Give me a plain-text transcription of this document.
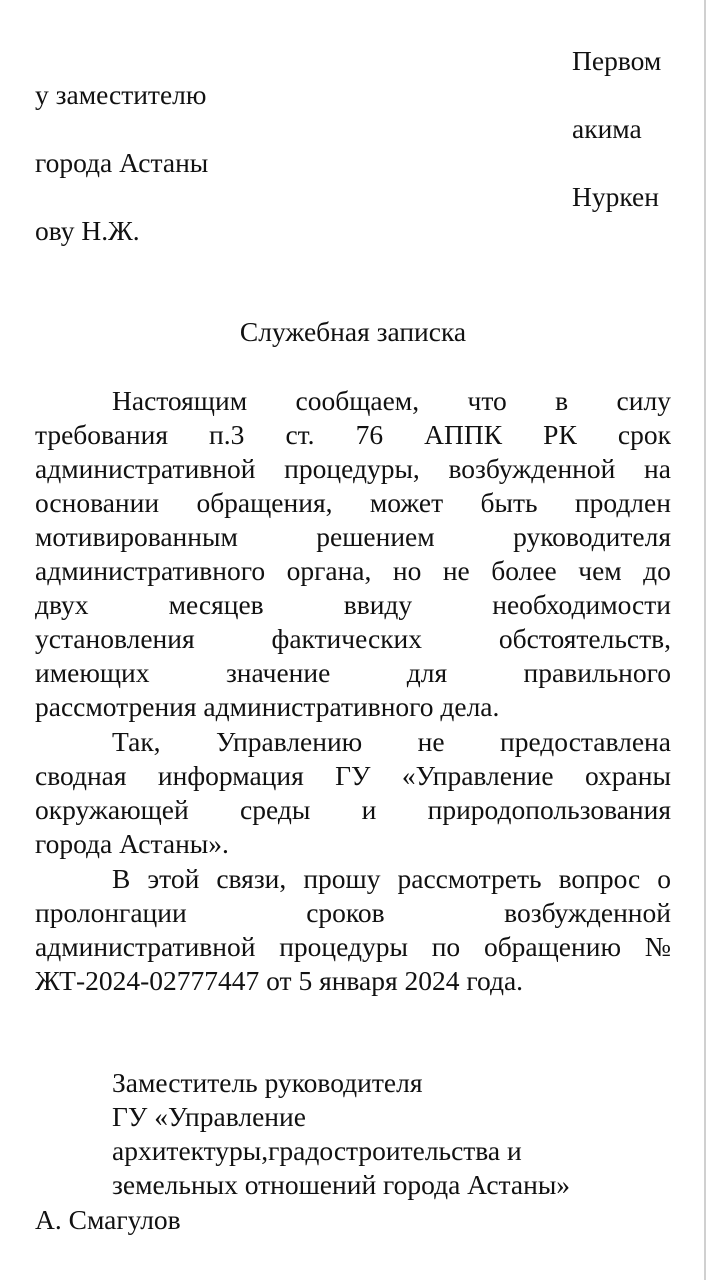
Первом
у заместителю
акима
города Астаны
Нуркен
ову Н.Ж.
Служебная записка
Настоящим сообщаем, что в силу
требования п.3 ст. 76 АППК РК срок
административной процедуры, возбужденной на
основании обращения, может быть продлен
мотивированным	решением	руководителя
административного органа, но не более чем до
двух	месяцев	ввиду	необходимости
установления	фактических	обстоятельств,
имеющих	значение	для	правильного
рассмотрения административного дела.
Так, Управлению не предоставлена
сводная информация ГУ «Управление охраны
окружающей среды и природопользования
города Астаны».
В этой связи, прошу рассмотреть вопрос о
пролонгации	сроков	возбужденной
административной процедуры по обращению №
ЖТ-2024-02777447 от 5 января 2024 года.
Заместитель руководителя
ГУ «Управление
архитектуры,градостроительства и
земельных отношений города Астаны»
А. Смагулов
